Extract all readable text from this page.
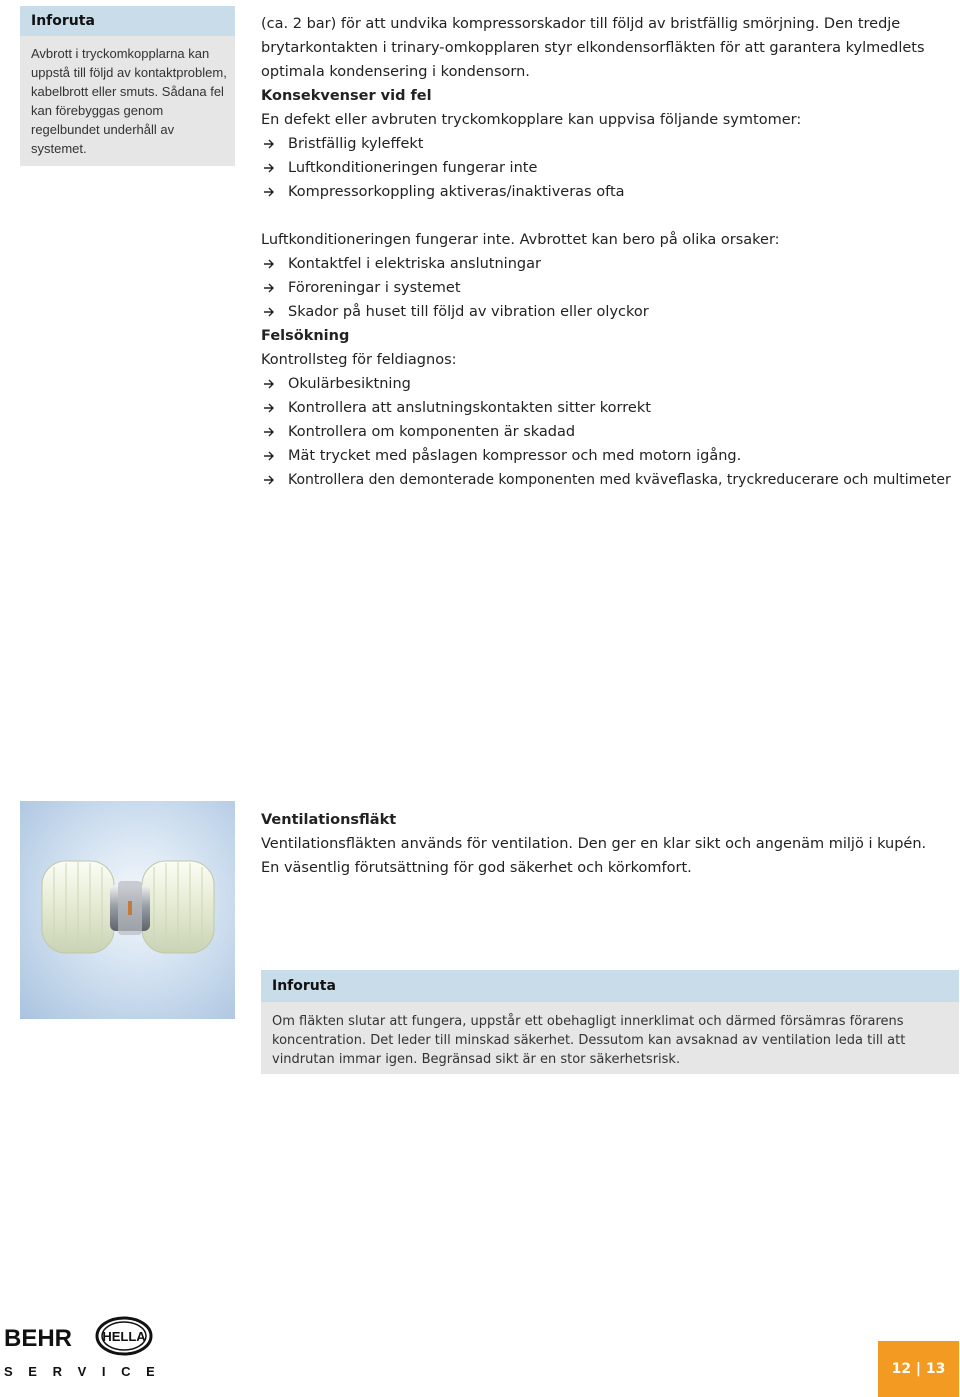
Inforuta
Avbrott i tryckomkopplarna kan uppstå till följd av kontaktproblem, kabelbrott eller smuts. Sådana fel kan förebyggas genom regelbundet underhåll av systemet.

(ca. 2 bar) för att undvika kompressorskador till följd av bristfällig smörjning. Den tredje brytarkontakten i trinary-omkopplaren styr elkondensorfläkten för att garantera kylmedlets optimala kondensering i kondensorn.

Konsekvenser vid fel

En defekt eller avbruten tryckomkopplare kan uppvisa följande symtomer:

Bristfällig kyleffekt
Luftkonditioneringen fungerar inte
Kompressorkoppling aktiveras/inaktiveras ofta

Luftkonditioneringen fungerar inte. Avbrottet kan bero på olika orsaker:

Kontaktfel i elektriska anslutningar
Föroreningar i systemet
Skador på huset till följd av vibration eller olyckor

Felsökning

Kontrollsteg för feldiagnos:

Okulärbesiktning
Kontrollera att anslutningskontakten sitter korrekt
Kontrollera om komponenten är skadad
Mät trycket med påslagen kompressor och med motorn igång.
Kontrollera den demonterade komponenten med kväveflaska, tryckreducerare och multimeter

Ventilationsfläkt

Ventilationsfläkten används för ventilation. Den ger en klar sikt och angenäm miljö i kupén.

En väsentlig förutsättning för god säkerhet och körkomfort.

Inforuta
Om fläkten slutar att fungera, uppstår ett obehagligt innerklimat och därmed försämras förarens koncentration. Det leder till minskad säkerhet. Dessutom kan avsaknad av ventilation leda till att vindrutan immar igen. Begränsad sikt är en stor säkerhetsrisk.
BEHR HELLA
S E R V I C E	12 | 13
